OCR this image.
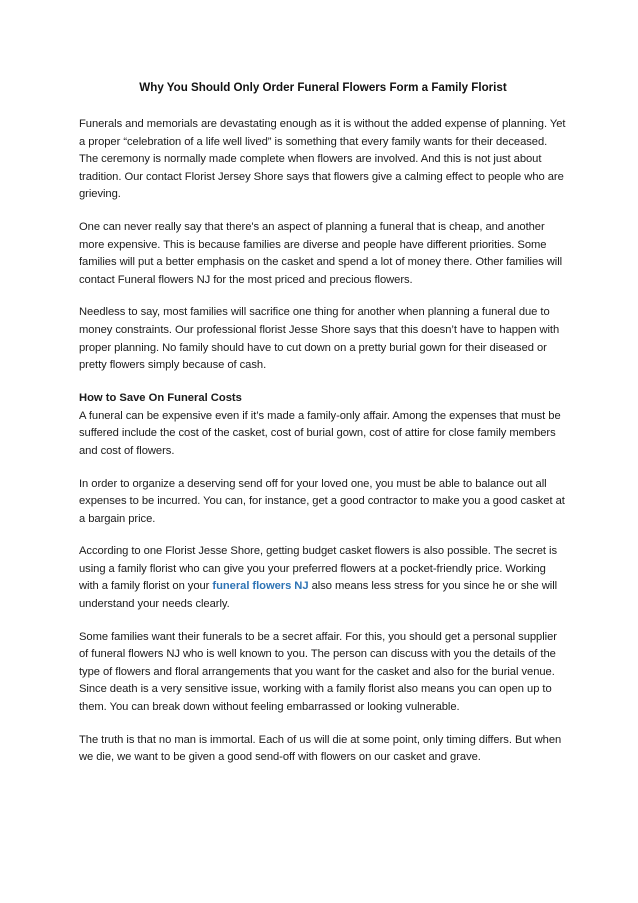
Why You Should Only Order Funeral Flowers Form a Family Florist

Funerals and memorials are devastating enough as it is without the added expense of planning. Yet a proper “celebration of a life well lived” is something that every family wants for their deceased. The ceremony is normally made complete when flowers are involved. And this is not just about tradition. Our contact Florist Jersey Shore says that flowers give a calming effect to people who are grieving.

One can never really say that there's an aspect of planning a funeral that is cheap, and another more expensive. This is because families are diverse and people have different priorities. Some families will put a better emphasis on the casket and spend a lot of money there. Other families will contact Funeral flowers NJ for the most priced and precious flowers.

Needless to say, most families will sacrifice one thing for another when planning a funeral due to money constraints. Our professional florist Jesse Shore says that this doesn’t have to happen with proper planning. No family should have to cut down on a pretty burial gown for their diseased or pretty flowers simply because of cash.

How to Save On Funeral Costs

A funeral can be expensive even if it’s made a family-only affair. Among the expenses that must be suffered include the cost of the casket, cost of burial gown, cost of attire for close family members and cost of flowers.

In order to organize a deserving send off for your loved one, you must be able to balance out all expenses to be incurred. You can, for instance, get a good contractor to make you a good casket at a bargain price.

According to one Florist Jesse Shore, getting budget casket flowers is also possible. The secret is using a family florist who can give you your preferred flowers at a pocket-friendly price. Working with a family florist on your funeral flowers NJ also means less stress for you since he or she will understand your needs clearly.

Some families want their funerals to be a secret affair. For this, you should get a personal supplier of funeral flowers NJ who is well known to you. The person can discuss with you the details of the type of flowers and floral arrangements that you want for the casket and also for the burial venue. Since death is a very sensitive issue, working with a family florist also means you can open up to them. You can break down without feeling embarrassed or looking vulnerable.

The truth is that no man is immortal. Each of us will die at some point, only timing differs. But when we die, we want to be given a good send-off with flowers on our casket and grave.
